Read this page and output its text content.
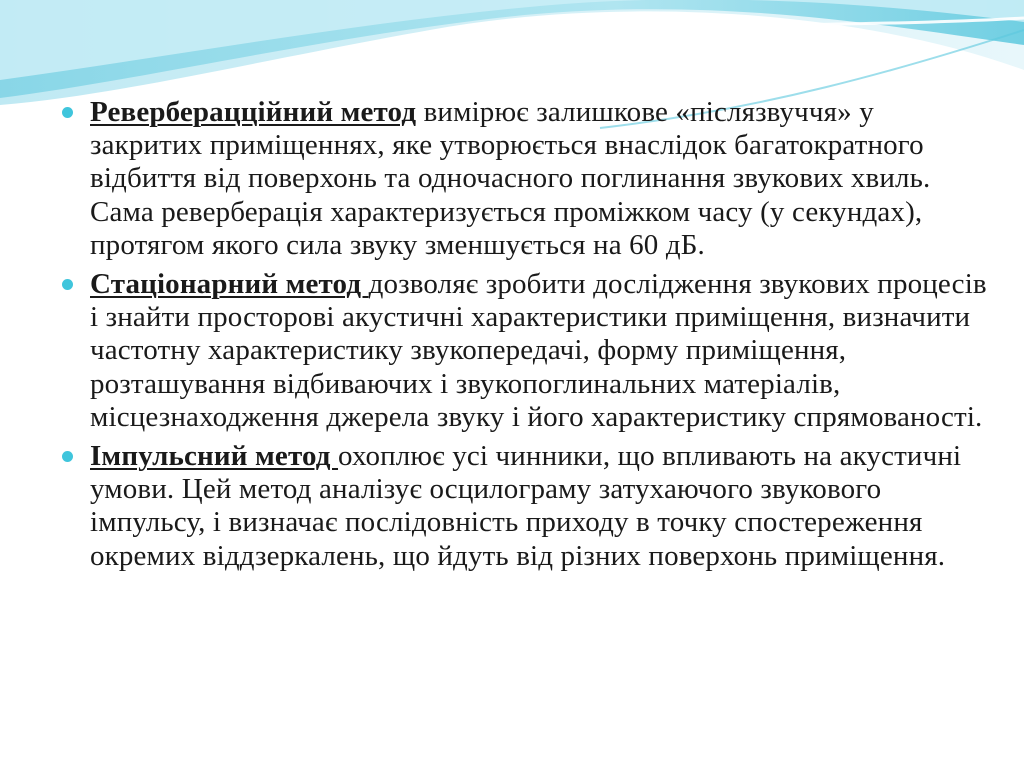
Реверберацційний метод вимірює залишкове «післязвуччя» у закритих приміщеннях, яке утворюється внаслідок багатократного відбиття від поверхонь та одночасного поглинання звукових хвиль. Сама реверберація характеризується проміжком часу (у секундах), протягом якого сила звуку зменшується на 60 дБ.

Стаціонарний метод дозволяє зробити дослідження звукових процесів і знайти просторові акустичні характеристики приміщення, визначити частотну характеристику звукопередачі, форму приміщення, розташування відбиваючих і звукопоглинальних матеріалів, місцезнаходження джерела звуку і його характеристику спрямованості.

Імпульсний метод охоплює усі чинники, що впливають на акустичні умови. Цей метод аналізує осцилограму затухаючого звукового імпульсу, і визначає послідовність приходу в точку спостереження окремих віддзеркалень, що йдуть від різних поверхонь приміщення.
